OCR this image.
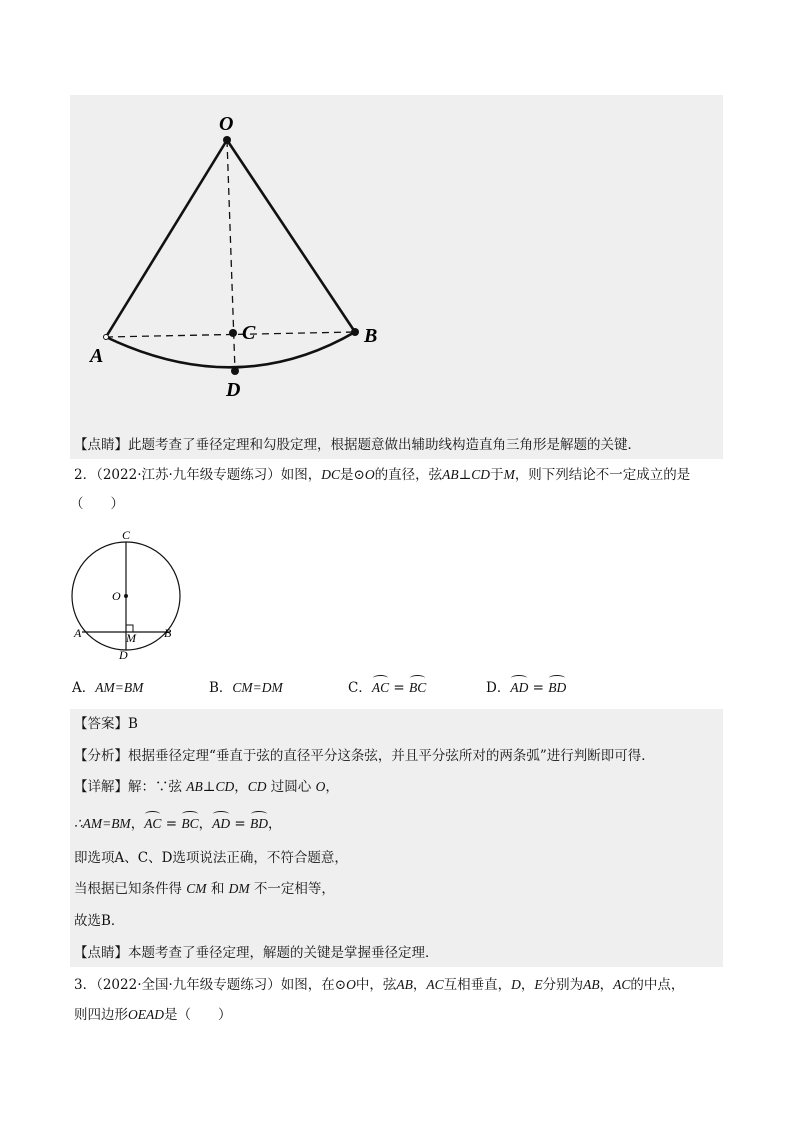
O
A
B
C
D
【点睛】此题考查了垂径定理和勾股定理，根据题意做出辅助线构造直角三角形是解题的关键．
2．（2022·江苏·九年级专题练习）如图，DC是⊙O的直径，弦AB⊥CD于M，则下列结论不一定成立的是
（　　）
C
O
A	B
M
D
A．AM=BM	B．CM=DM	C．AC = BC	D．AD = BD
【答案】B
【分析】根据垂径定理“垂直于弦的直径平分这条弦，并且平分弦所对的两条弧”进行判断即可得．
【详解】解：∵弦 AB⊥CD，CD 过圆心 O，
∴AM=BM，AC = BC，AD = BD，
即选项A、C、D选项说法正确，不符合题意，
当根据已知条件得 CM 和 DM 不一定相等，
故选B．
【点睛】本题考查了垂径定理，解题的关键是掌握垂径定理．
3．（2022·全国·九年级专题练习）如图，在⊙O中，弦AB，AC互相垂直，D，E分别为AB，AC的中点，
则四边形OEAD是（　　）
